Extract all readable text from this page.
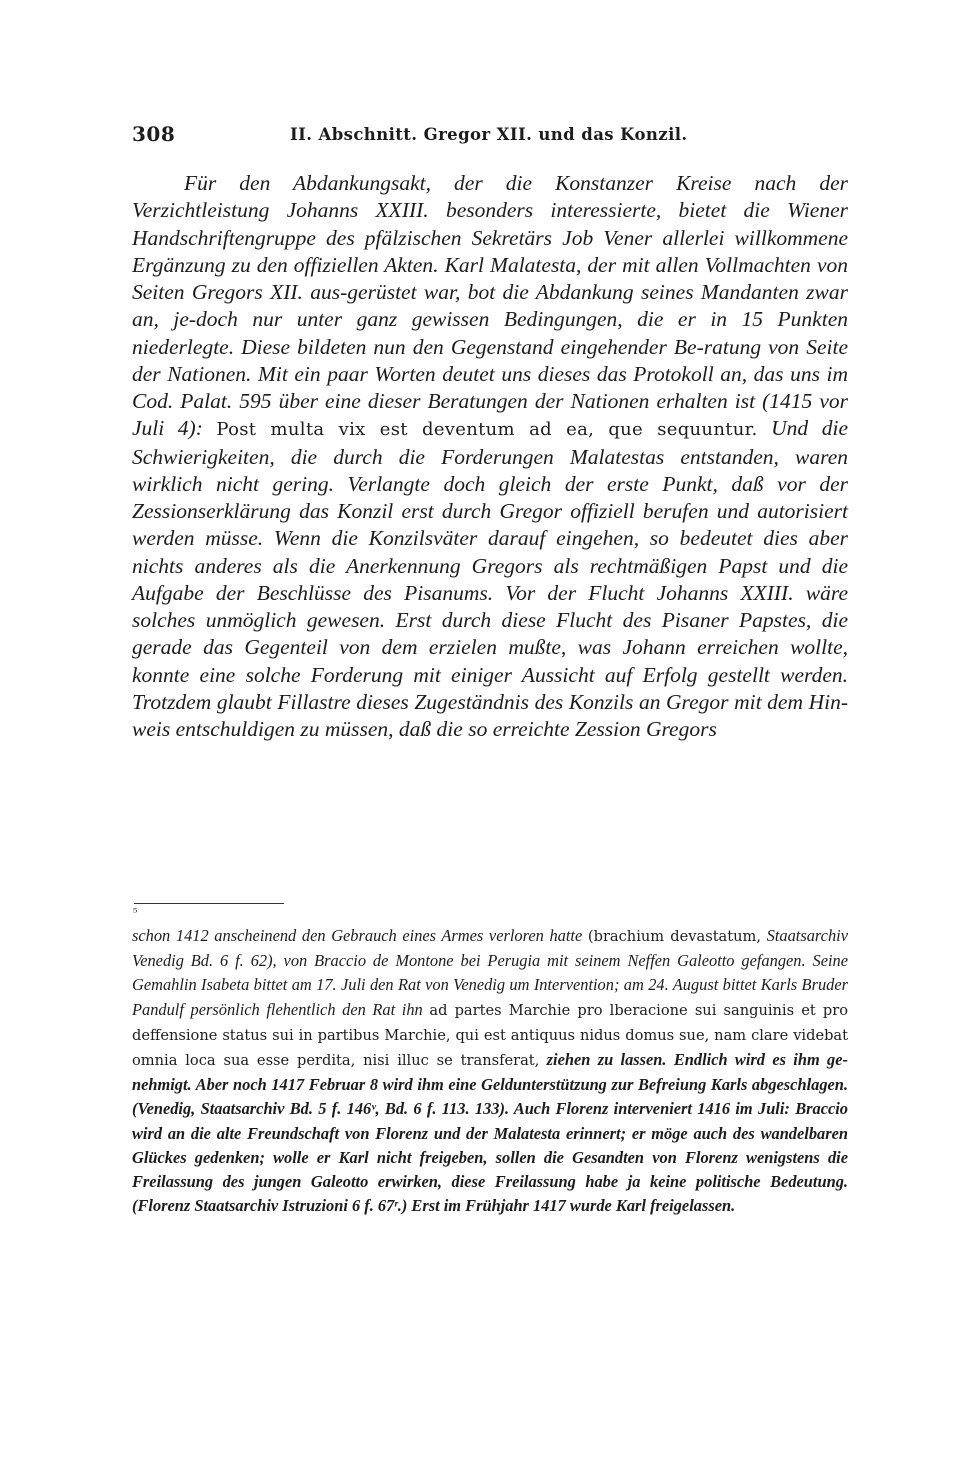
308	II. Abschnitt. Gregor XII. und das Konzil.

Für den Abdankungsakt, der die Konstanzer Kreise nach der Verzichtleistung Johanns XXIII. besonders interessierte, bietet die Wiener Handschriftengruppe des pfälzischen Sekretärs Job Vener allerlei willkommene Ergänzung zu den offiziellen Akten. Karl Malatesta, der mit allen Vollmachten von Seiten Gregors XII. aus-gerüstet war, bot die Abdankung seines Mandanten zwar an, je-doch nur unter ganz gewissen Bedingungen, die er in 15 Punkten niederlegte. Diese bildeten nun den Gegenstand eingehender Be-ratung von Seite der Nationen. Mit ein paar Worten deutet uns dieses das Protokoll an, das uns im Cod. Palat. 595 über eine dieser Beratungen der Nationen erhalten ist (1415 vor Juli 4): Post multa vix est deventum ad ea, que sequuntur. Und die Schwierigkeiten, die durch die Forderungen Malatestas entstanden, waren wirklich nicht gering. Verlangte doch gleich der erste Punkt, daß vor der Zessionserklärung das Konzil erst durch Gregor offiziell berufen und autorisiert werden müsse. Wenn die Konzilsväter darauf eingehen, so bedeutet dies aber nichts anderes als die Anerkennung Gregors als rechtmäßigen Papst und die Aufgabe der Beschlüsse des Pisanums. Vor der Flucht Johanns XXIII. wäre solches unmöglich gewesen. Erst durch diese Flucht des Pisaner Papstes, die gerade das Gegenteil von dem erzielen mußte, was Johann erreichen wollte, konnte eine solche Forderung mit einiger Aussicht auf Erfolg gestellt werden. Trotzdem glaubt Fillastre dieses Zugeständnis des Konzils an Gregor mit dem Hin-weis entschuldigen zu müssen, daß die so erreichte Zession Gregors

⁵

schon 1412 anscheinend den Gebrauch eines Armes verloren hatte (brachium devastatum, Staatsarchiv Venedig Bd. 6 f. 62), von Braccio de Montone bei Perugia mit seinem Neffen Galeotto gefangen. Seine Gemahlin Isabeta bittet am 17. Juli den Rat von Venedig um Intervention; am 24. August bittet Karls Bruder Pandulf persönlich flehentlich den Rat ihn ad partes Marchie pro lberacione sui sanguinis et pro deffensione status sui in partibus Marchie, qui est antiquus nidus domus sue, nam clare videbat omnia loca sua esse perdita, nisi illuc se transferat, ziehen zu lassen. Endlich wird es ihm ge-nehmigt. Aber noch 1417 Februar 8 wird ihm eine Geldunterstützung zur Befreiung Karls abgeschlagen. (Venedig, Staatsarchiv Bd. 5 f. 146ᵛ, Bd. 6 f. 113. 133). Auch Florenz interveniert 1416 im Juli: Braccio wird an die alte Freundschaft von Florenz und der Malatesta erinnert; er möge auch des wandelbaren Glückes gedenken; wolle er Karl nicht freigeben, sollen die Gesandten von Florenz wenigstens die Freilassung des jungen Galeotto erwirken, diese Freilassung habe ja keine politische Bedeutung. (Florenz Staatsarchiv Istruzioni 6 f. 67ʳ.) Erst im Frühjahr 1417 wurde Karl freigelassen.
